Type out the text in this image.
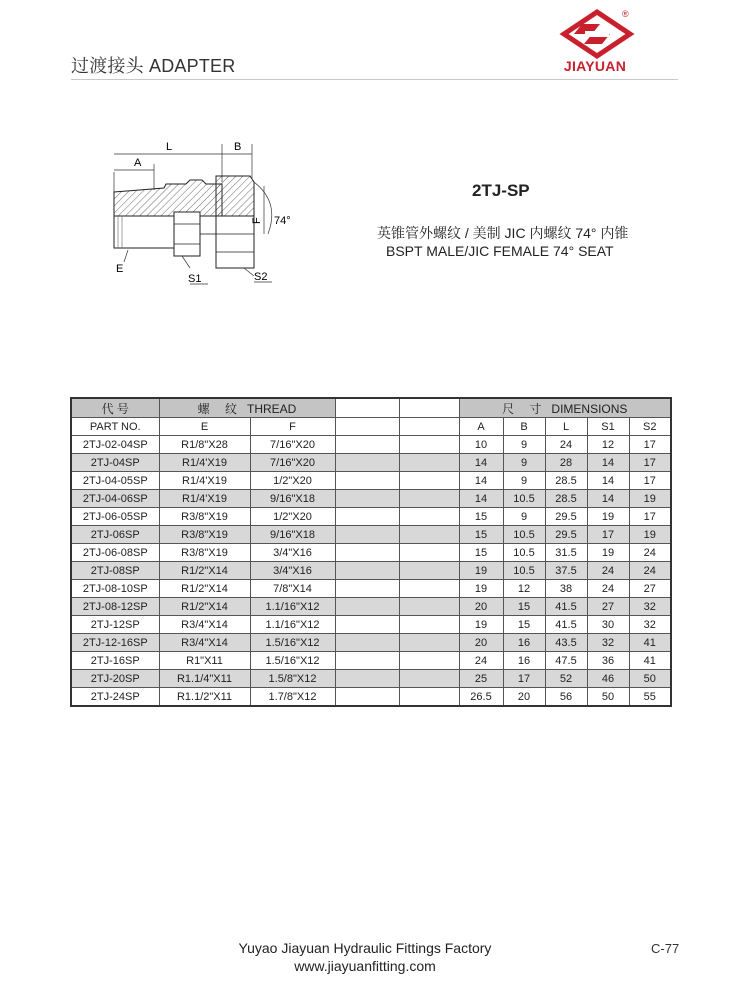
过渡接头 ADAPTER
®
JIAYUAN
L	B
A
F 74°
E
S1	S2
2TJ-SP
英锥管外螺纹 / 美制 JIC 内螺纹 74° 内锥
BSPT MALE/JIC FEMALE 74° SEAT
代 号	螺 纹 THREAD				尺 寸 DIMENSIONS				
PART NO.	E	F			A	B	L	S1	S2
2TJ-02-04SP	R1/8"X28	7/16"X20			10	9	24	12	17
2TJ-04SP	R1/4'X19	7/16"X20			14	9	28	14	17
2TJ-04-05SP	R1/4'X19	1/2"X20			14	9	28.5	14	17
2TJ-04-06SP	R1/4'X19	9/16"X18			14	10.5	28.5	14	19
2TJ-06-05SP	R3/8"X19	1/2"X20			15	9	29.5	19	17
2TJ-06SP	R3/8"X19	9/16"X18			15	10.5	29.5	17	19
2TJ-06-08SP	R3/8"X19	3/4"X16			15	10.5	31.5	19	24
2TJ-08SP	R1/2"X14	3/4"X16			19	10.5	37.5	24	24
2TJ-08-10SP	R1/2"X14	7/8"X14			19	12	38	24	27
2TJ-08-12SP	R1/2"X14	1.1/16"X12			20	15	41.5	27	32
2TJ-12SP	R3/4"X14	1.1/16"X12			19	15	41.5	30	32
2TJ-12-16SP	R3/4"X14	1.5/16"X12			20	16	43.5	32	41
2TJ-16SP	R1"X11	1.5/16"X12			24	16	47.5	36	41
2TJ-20SP	R1.1/4"X11	1.5/8"X12			25	17	52	46	50
2TJ-24SP	R1.1/2"X11	1.7/8"X12			26.5	20	56	50	55
Yuyao Jiayuan Hydraulic Fittings Factory
www.jiayuanfitting.com
C-77
